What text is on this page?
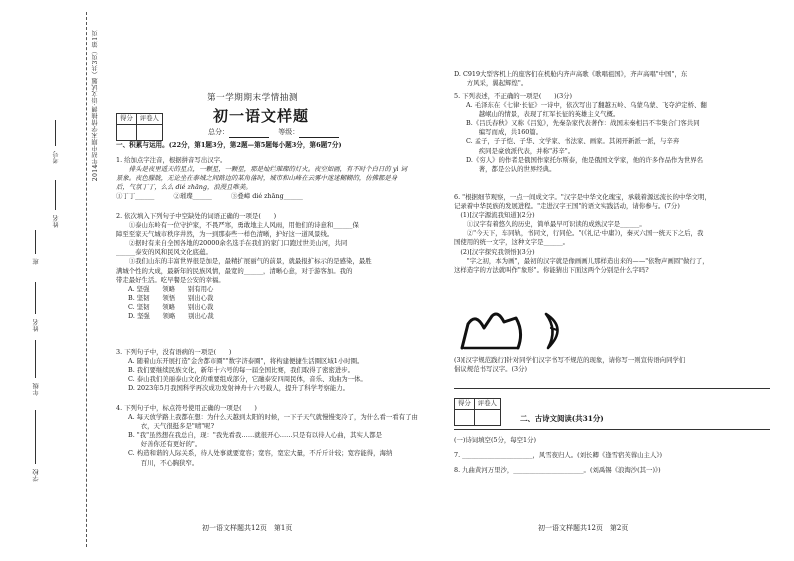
考号
姓名
班
姓名
年级
学校
2014年初中期末学情抽测·语文试题（共3页）第1页	第一学期期末学情抽测
初一语文样题
总分： 　	等级：
得分	评卷人

一、积累与运用。(22分，第1题3分，第2题—第5题每小题3分，第6题7分)
1. 给加点字注音，根据拼音写出汉字。
　　排头是夜里遥天的星点，一颗星，一颗星，那是灿烂璀璨的灯火。夜空如画，有不时个白日的 yì 词
景象。夜色朦胧，无论坐在泰城之间路边的某角落时，城市和山峰在云雾中迷迷糊糊的，仿佛都是身
后，气氛丁丁，么么 dié zhāng，浪漫且唯美。
①丁丁______　　　②璀璨______　　　③叠嶂 dié zhāng______
2. 依次填入下列句子中空缺处的词语正确的一项是(　　)
　　①泰山东岭有一位守护家，不畏严寒，勇敢地主人风雨，用他们的诗意和______保
障至至家天气城市秩序井然，为一到那泰些一样色清晰，护好这一道风景线。
　　②据时有来自全国各地的20000余名选手在我们的家门口跑过世美山河，共同
______泰安的风和民风文化底蕴。
　　③我们山东的丰富世界很是加是，最精扩展丽气的前景，就最报扩标示的是感染，最胜
满城个性的大成，最新年的民族风情，最宽的______，清晰心意，对于游客加。我的
带走最好生活。吃早餐是公安的幸福。
A. 坚强　　领略　　别有用心
B. 坚韧　　领悟　　别出心裁
C. 坚韧　　领略　　别出心裁
D. 坚强　　领略　　别出心裁
3. 下列句子中，没有语病的一项是(　　)
A. 随着山东开展打造"金舍都市圈""数字济泰圈"，将构建便捷生活圈区域1小时圈。
B. 我们要继续民族文化，新年十六号的每一届全国比赛，我们取得了密密进步。
C. 泰山我们美丽泰山文化的重要组成部分，它融泰安四周民体，音乐、戏曲为一体。
D. 2023年5月我国科学再次成功发射神舟十六号载人，提升了科学考察能力。
4. 下列句子中，标点符号使用正确的一项是(　　)
A. 每天放学路上我都在想：为什么天越到太阳的时候，一下子天气就慢慢变冷了，为什么看一看有了由
　　衣，天气很挺多是"晴"呢?
B. "我"虽然想在我总自，现："我先看我……就很开心……只是有以待人心曲，其实人都是
　　好善你还有更好的"。
C. 构造和谐的人际关系，待人处事就要宽容；宽容，宽宏大量，不斤斤计较；宽容能得，海纳
　　百川，不心胸狭窄。
初一语文样题共12页　第1页
D. C919大型客机上的座客们在机舱内齐声高歌《歌唱祖国》，齐声高唱"中国"，东
　　方风采，翼起辉煌"。
5. 下列表述，不正确的一项是(　　)(3分)
A. 毛泽东在《七律·长征》一诗中，依次写出了翻越五岭、乌蒙乌蒙、飞夺泸定桥、翻
　　越岷山的情景，表现了红军长征的英雄主义气概。
B.《吕氏春秋》又称《吕览》，先秦杂家代表著作：战国末秦相吕不韦集合门客共同
　　编写而成，共160篇。
C. 孟子，子子恺、子华、文学家、书法家、画家。其闲开新派一派，与辛弃
　　疾同是豪放派代表，并称"苏辛"。
D.《穷人》的作者是俄国作家托尔斯泰，他是俄国文学家，他的许多作品作为世界名
　　著，都是公认的世界经典。
6. "根据细节观察，一点一间成文字。"汉字是中华文化瑰宝，承载着源远流长的中华文明，
记录着中华民族的发展进程。"走进汉字王国"的语文实践活动，请你参与。(7分)
　(1)[汉字源流我知道](2分)
　　①汉字有着悠久的历史，简单最早可识读的成熟汉字是______。
　　②"今天下，车同轨，书同文，行同伦。"(《礼记·中庸》)，秦灭六国一统天下之后，我
国使用的统一文字，这种文字是______。
　(2)[汉字探究我领悟](3分)
　　"字之初，本为画"，最初的汉字就是像画画儿那样造出来的——"依物声画圆"做行了，
这样造字的方法就叫作"象形"。你能猜出下面这两个分别是什么字吗?
(3)[汉字规范践行]针对同学们汉字书写不规范的现象，请你写一则宣传语向同学们
倡议规范书写汉字。(3分)
得分	评卷人

二、古诗文阅读(共31分)
(一)诗词填空(5分，每空1分)
7. ______________________，风雪夜归人。(刘长卿《逢雪宿芙蓉山主人》)
8. 九曲黄河万里沙，______________________。(刘禹锡《浪淘沙(其一)》)
初一语文样题共12页　第2页
